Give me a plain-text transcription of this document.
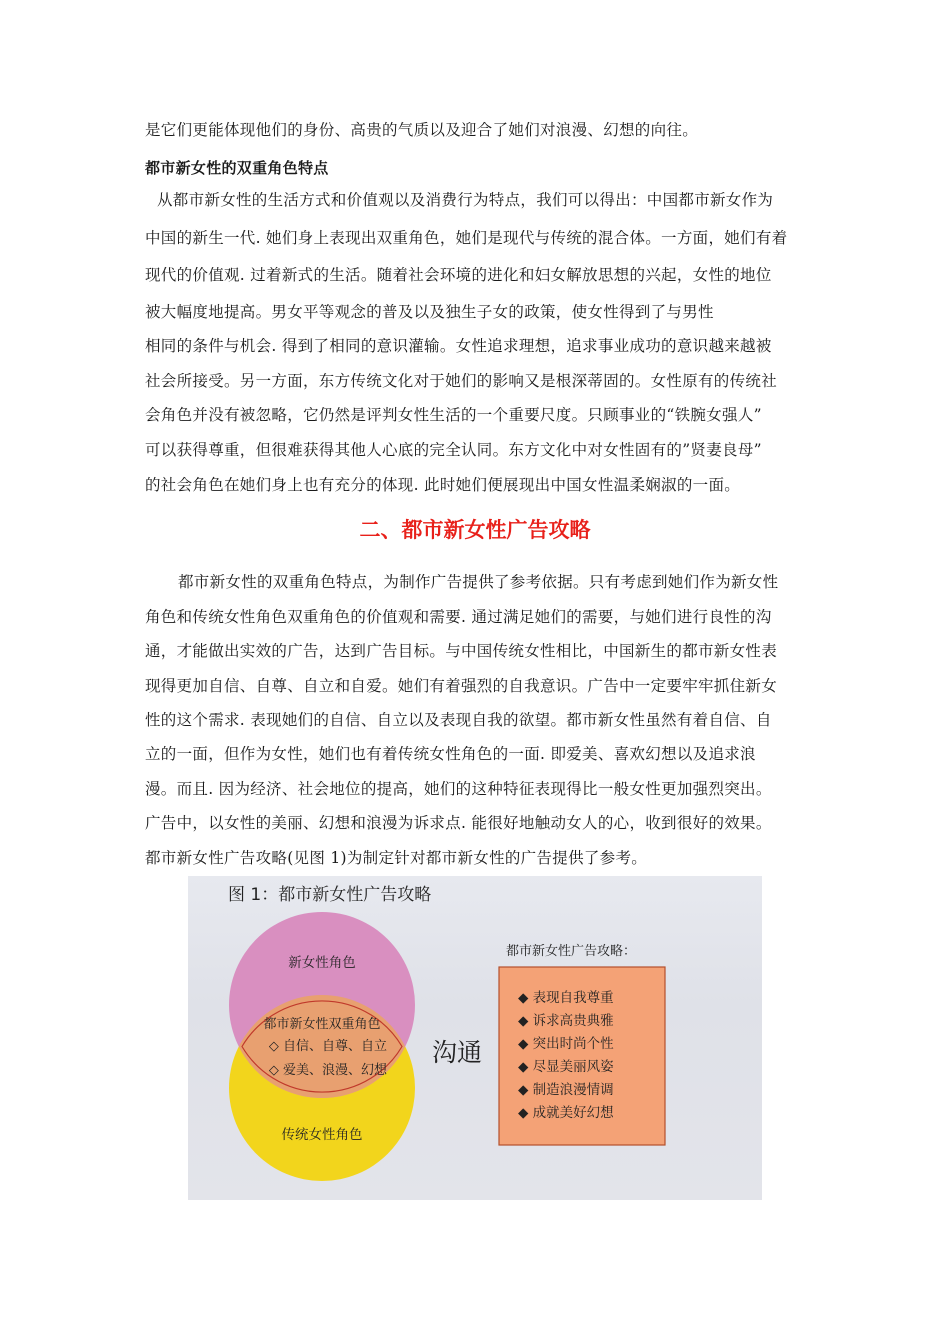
是它们更能体现他们的身份、高贵的气质以及迎合了她们对浪漫、幻想的向往。
都市新女性的双重角色特点
从都市新女性的生活方式和价值观以及消费行为特点，我们可以得出：中国都市新女作为
中国的新生一代. 她们身上表现出双重角色，她们是现代与传统的混合体。一方面，她们有着
现代的价值观. 过着新式的生活。随着社会环境的进化和妇女解放思想的兴起，女性的地位
被大幅度地提高。男女平等观念的普及以及独生子女的政策，使女性得到了与男性
相同的条件与机会. 得到了相同的意识灌输。女性追求理想，追求事业成功的意识越来越被
社会所接受。另一方面，东方传统文化对于她们的影响又是根深蒂固的。女性原有的传统社
会角色并没有被忽略，它仍然是评判女性生活的一个重要尺度。只顾事业的“铁腕女强人”
可以获得尊重，但很难获得其他人心底的完全认同。东方文化中对女性固有的”贤妻良母”
的社会角色在她们身上也有充分的体现. 此时她们便展现出中国女性温柔娴淑的一面。
二、都市新女性广告攻略
都市新女性的双重角色特点，为制作广告提供了参考依据。只有考虑到她们作为新女性
角色和传统女性角色双重角色的价值观和需要. 通过满足她们的需要，与她们进行良性的沟
通，才能做出实效的广告，达到广告目标。与中国传统女性相比，中国新生的都市新女性表
现得更加自信、自尊、自立和自爱。她们有着强烈的自我意识。广告中一定要牢牢抓住新女
性的这个需求. 表现她们的自信、自立以及表现自我的欲望。都市新女性虽然有着自信、自
立的一面，但作为女性，她们也有着传统女性角色的一面. 即爱美、喜欢幻想以及追求浪
漫。而且. 因为经济、社会地位的提高，她们的这种特征表现得比一般女性更加强烈突出。
广告中，以女性的美丽、幻想和浪漫为诉求点. 能很好地触动女人的心，收到很好的效果。
都市新女性广告攻略(见图 1)为制定针对都市新女性的广告提供了参考。
图 1：都市新女性广告攻略
新女性角色
都市新女性双重角色
◇ 自信、自尊、自立
◇ 爱美、浪漫、幻想
传统女性角色
沟通
都市新女性广告攻略：
◆ 表现自我尊重
◆ 诉求高贵典雅
◆ 突出时尚个性
◆ 尽显美丽风姿
◆ 制造浪漫情调
◆ 成就美好幻想
